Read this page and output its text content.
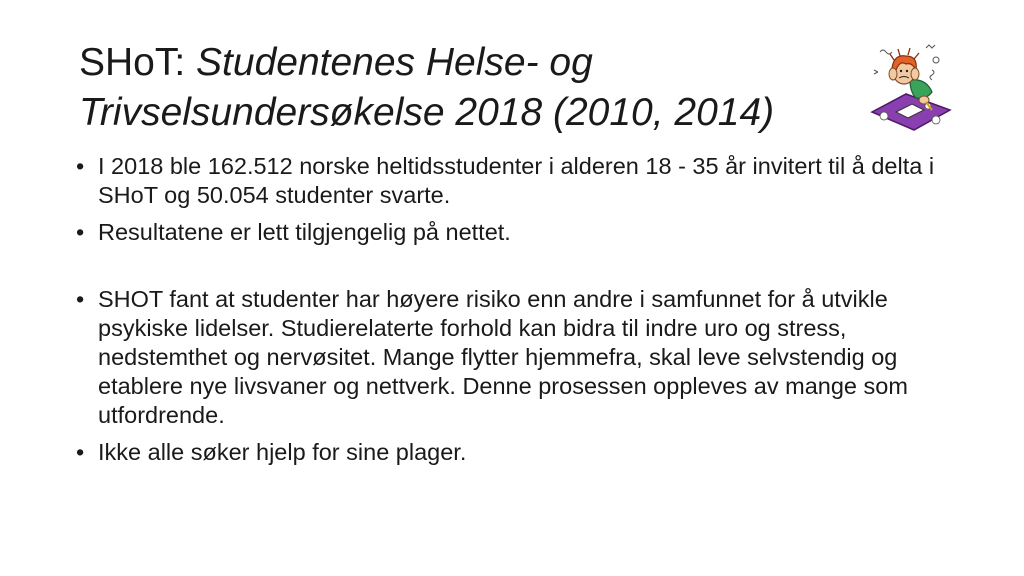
SHoT: Studentenes Helse- og Trivselsundersøkelse 2018 (2010, 2014)
• I 2018 ble 162.512 norske heltidsstudenter i alderen 18 - 35 år invitert til å delta i SHoT og 50.054 studenter svarte.
• Resultatene er lett tilgjengelig på nettet.
• SHOT fant at studenter har høyere risiko enn andre i samfunnet for å utvikle psykiske lidelser. Studierelaterte forhold kan bidra til indre uro og stress, nedstemthet og nervøsitet. Mange flytter hjemmefra, skal leve selvstendig og etablere nye livsvaner og nettverk. Denne prosessen oppleves av mange som utfordrende.
• Ikke alle søker hjelp for sine plager.
